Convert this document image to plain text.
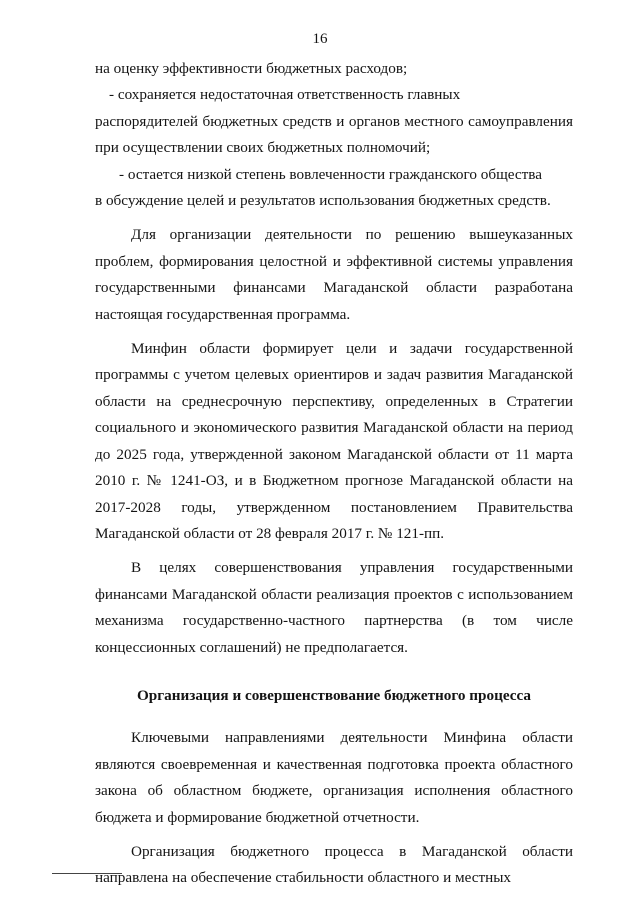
16

на оценку эффективности бюджетных расходов;

- сохраняется недостаточная ответственность главных

распорядителей бюджетных средств и органов местного самоуправления при осуществлении своих бюджетных полномочий;

- остается низкой степень вовлеченности гражданского общества

в обсуждение целей и результатов использования бюджетных средств.

Для организации деятельности по решению вышеуказанных проблем, формирования целостной и эффективной системы управления государственными финансами Магаданской области разработана настоящая государственная программа.

Минфин области формирует цели и задачи государственной программы с учетом целевых ориентиров и задач развития Магаданской области на среднесрочную перспективу, определенных в Стратегии социального и экономического развития Магаданской области на период до 2025 года, утвержденной законом Магаданской области от 11 марта 2010 г. № 1241-ОЗ, и в Бюджетном прогнозе Магаданской области на 2017-2028 годы, утвержденном постановлением Правительства Магаданской области от 28 февраля 2017 г. № 121-пп.

В целях совершенствования управления государственными финансами Магаданской области реализация проектов с использованием механизма государственно-частного партнерства (в том числе концессионных соглашений) не предполагается.

Организация и совершенствование бюджетного процесса

Ключевыми направлениями деятельности Минфина области являются своевременная и качественная подготовка проекта областного закона об областном бюджете, организация исполнения областного бюджета и формирование бюджетной отчетности.

Организация бюджетного процесса в Магаданской области направлена на обеспечение стабильности областного и местных
